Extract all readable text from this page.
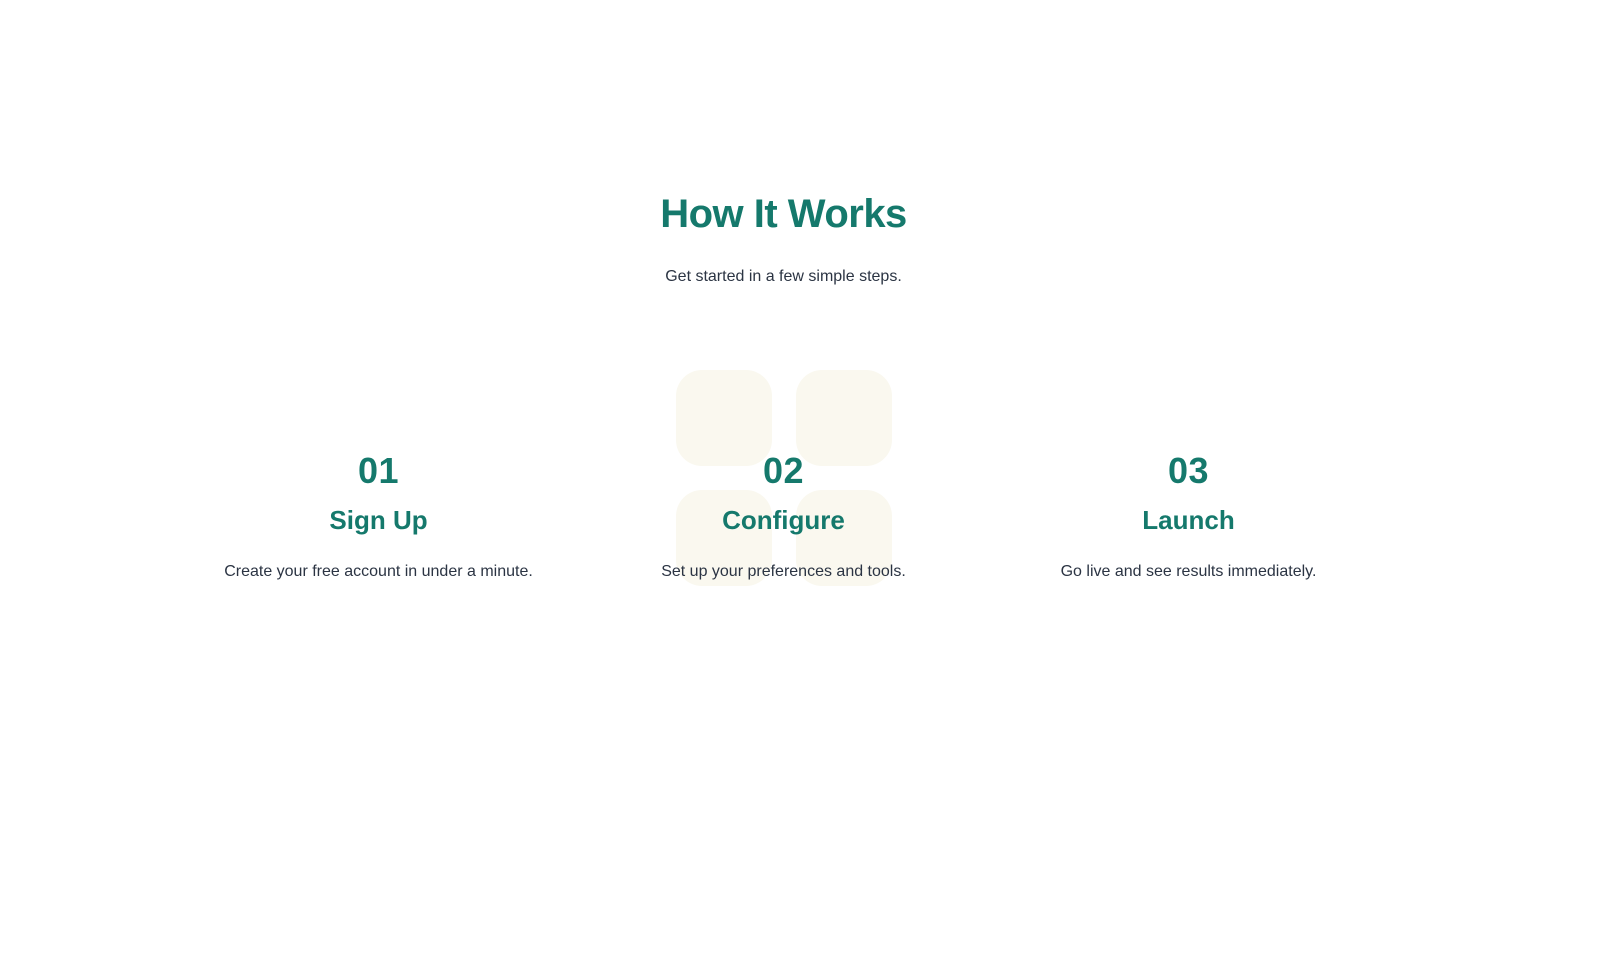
How It Works

Get started in a few simple steps.

01
Sign Up

Create your free account in under a minute.

02
Configure

Set up your preferences and tools.

03
Launch

Go live and see results immediately.
